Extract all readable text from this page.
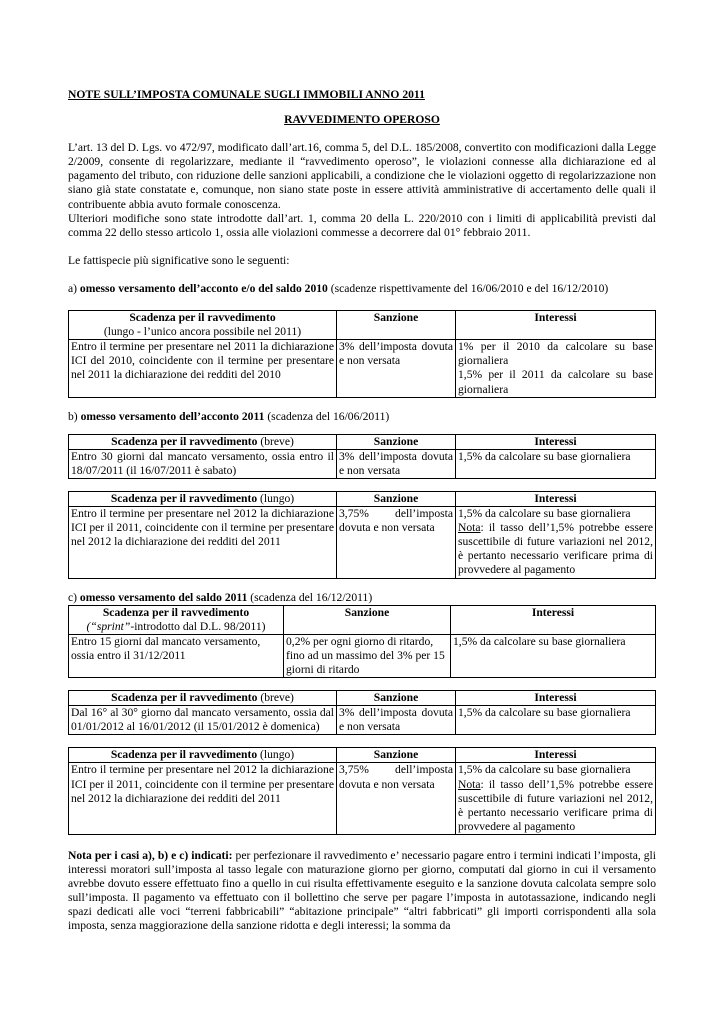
NOTE SULL’IMPOSTA COMUNALE SUGLI IMMOBILI ANNO 2011

RAVVEDIMENTO OPEROSO

L’art. 13 del D. Lgs. vo 472/97, modificato dall’art.16, comma 5, del D.L. 185/2008, convertito con modificazioni dalla Legge 2/2009, consente di regolarizzare, mediante il “ravvedimento operoso”, le violazioni connesse alla dichiarazione ed al pagamento del tributo, con riduzione delle sanzioni applicabili, a condizione che le violazioni oggetto di regolarizzazione non siano già state constatate e, comunque, non siano state poste in essere attività amministrative di accertamento delle quali il contribuente abbia avuto formale conoscenza.

Ulteriori modifiche sono state introdotte dall’art. 1, comma 20 della L. 220/2010 con i limiti di applicabilità previsti dal comma 22 dello stesso articolo 1, ossia alle violazioni commesse a decorrere dal 01° febbraio 2011.

Le fattispecie più significative sono le seguenti:

a) omesso versamento dell’acconto e/o del saldo 2010 (scadenze rispettivamente del 16/06/2010 e del 16/12/2010)

Scadenza per il ravvedimento
(lungo - l’unico ancora possibile nel 2011)	Sanzione	Interessi
Entro il termine per presentare nel 2011 la dichiarazione ICI del 2010, coincidente con il termine per presentare nel 2011 la dichiarazione dei redditi del 2010	3% dell’imposta dovuta e non versata	1% per il 2010 da calcolare su base giornaliera
1,5% per il 2011 da calcolare su base giornaliera

b) omesso versamento dell’acconto 2011 (scadenza del 16/06/2011)

Scadenza per il ravvedimento (breve)	Sanzione	Interessi
Entro 30 giorni dal mancato versamento, ossia entro il 18/07/2011 (il 16/07/2011 è sabato)	3% dell’imposta dovuta e non versata	1,5% da calcolare su base giornaliera
Scadenza per il ravvedimento (lungo)	Sanzione	Interessi
Entro il termine per presentare nel 2012 la dichiarazione ICI per il 2011, coincidente con il termine per presentare nel 2012 la dichiarazione dei redditi del 2011	3,75% dell’imposta dovuta e non versata	1,5% da calcolare su base giornaliera
Nota: il tasso dell’1,5% potrebbe essere suscettibile di future variazioni nel 2012, è pertanto necessario verificare prima di provvedere al pagamento

c) omesso versamento del saldo 2011 (scadenza del 16/12/2011)

Scadenza per il ravvedimento
(“sprint”-introdotto dal D.L. 98/2011)	Sanzione	Interessi
Entro 15 giorni dal mancato versamento, ossia entro il 31/12/2011	0,2% per ogni giorno di ritardo, fino ad un massimo del 3% per 15 giorni di ritardo	1,5% da calcolare su base giornaliera
Scadenza per il ravvedimento (breve)	Sanzione	Interessi
Dal 16° al 30° giorno dal mancato versamento, ossia dal 01/01/2012 al 16/01/2012 (il 15/01/2012 è domenica)	3% dell’imposta dovuta e non versata	1,5% da calcolare su base giornaliera
Scadenza per il ravvedimento (lungo)	Sanzione	Interessi
Entro il termine per presentare nel 2012 la dichiarazione ICI per il 2011, coincidente con il termine per presentare nel 2012 la dichiarazione dei redditi del 2011	3,75% dell’imposta dovuta e non versata	1,5% da calcolare su base giornaliera
Nota: il tasso dell’1,5% potrebbe essere suscettibile di future variazioni nel 2012, è pertanto necessario verificare prima di provvedere al pagamento

Nota per i casi a), b) e c) indicati: per perfezionare il ravvedimento e’ necessario pagare entro i termini indicati l’imposta, gli interessi moratori sull’imposta al tasso legale con maturazione giorno per giorno, computati dal giorno in cui il versamento avrebbe dovuto essere effettuato fino a quello in cui risulta effettivamente eseguito e la sanzione dovuta calcolata sempre solo sull’imposta. Il pagamento va effettuato con il bollettino che serve per pagare l’imposta in autotassazione, indicando negli spazi dedicati alle voci “terreni fabbricabili” “abitazione principale” “altri fabbricati” gli importi corrispondenti alla sola imposta, senza maggiorazione della sanzione ridotta e degli interessi; la somma da
